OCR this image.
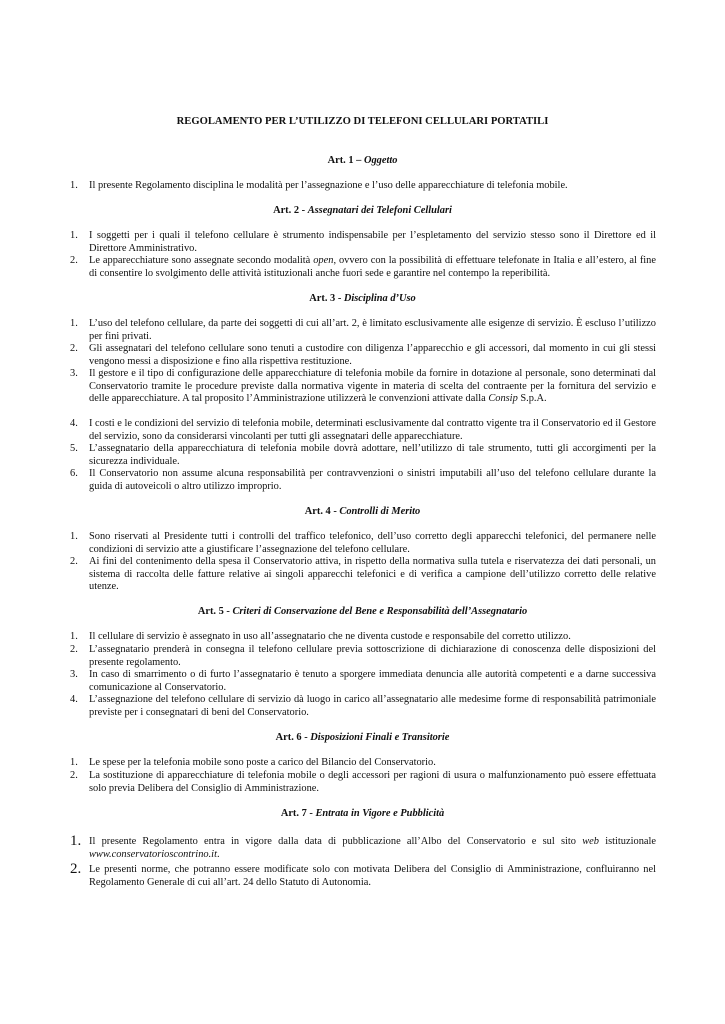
REGOLAMENTO PER L’UTILIZZO DI TELEFONI CELLULARI PORTATILI
Art. 1 – Oggetto
1.	Il presente Regolamento disciplina le modalità per l’assegnazione e l’uso delle apparecchiature di telefonia mobile.
Art. 2 - Assegnatari dei Telefoni Cellulari
1.	I soggetti per i quali il telefono cellulare è strumento indispensabile per l’espletamento del servizio stesso sono il Direttore ed il Direttore Amministrativo.
2.	Le apparecchiature sono assegnate secondo modalità open, ovvero con la possibilità di effettuare telefonate in Italia e all’estero, al fine di consentire lo svolgimento delle attività istituzionali anche fuori sede e garantire nel contempo la reperibilità.
Art. 3 - Disciplina d’Uso
1.	L’uso del telefono cellulare, da parte dei soggetti di cui all’art. 2, è limitato esclusivamente alle esigenze di servizio. È escluso l’utilizzo per fini privati.
2.	Gli assegnatari del telefono cellulare sono tenuti a custodire con diligenza l’apparecchio e gli accessori, dal momento in cui gli stessi vengono messi a disposizione e fino alla rispettiva restituzione.
3.	Il gestore e il tipo di configurazione delle apparecchiature di telefonia mobile da fornire in dotazione al personale, sono determinati dal Conservatorio tramite le procedure previste dalla normativa vigente in materia di scelta del contraente per la fornitura del servizio e delle apparecchiature. A tal proposito l’Amministrazione utilizzerà le convenzioni attivate dalla Consip S.p.A.
4.	I costi e le condizioni del servizio di telefonia mobile, determinati esclusivamente dal contratto vigente tra il Conservatorio ed il Gestore del servizio, sono da considerarsi vincolanti per tutti gli assegnatari delle apparecchiature.
5.	L’assegnatario della apparecchiatura di telefonia mobile dovrà adottare, nell’utilizzo di tale strumento, tutti gli accorgimenti per la sicurezza individuale.
6.	Il Conservatorio non assume alcuna responsabilità per contravvenzioni o sinistri imputabili all’uso del telefono cellulare durante la guida di autoveicoli o altro utilizzo improprio.
Art. 4 - Controlli di Merito
1.	Sono riservati al Presidente tutti i controlli del traffico telefonico, dell’uso corretto degli apparecchi telefonici, del permanere nelle condizioni di servizio atte a giustificare l’assegnazione del telefono cellulare.
2.	Ai fini del contenimento della spesa il Conservatorio attiva, in rispetto della normativa sulla tutela e riservatezza dei dati personali, un sistema di raccolta delle fatture relative ai singoli apparecchi telefonici e di verifica a campione dell’utilizzo corretto delle relative utenze.
Art. 5 - Criteri di Conservazione del Bene e Responsabilità dell’Assegnatario
1.	Il cellulare di servizio è assegnato in uso all’assegnatario che ne diventa custode e responsabile del corretto utilizzo.
2.	L’assegnatario prenderà in consegna il telefono cellulare previa sottoscrizione di dichiarazione di conoscenza delle disposizioni del presente regolamento.
3.	In caso di smarrimento o di furto l’assegnatario è tenuto a sporgere immediata denuncia alle autorità competenti e a darne successiva comunicazione al Conservatorio.
4.	L’assegnazione del telefono cellulare di servizio dà luogo in carico all’assegnatario alle medesime forme di responsabilità patrimoniale previste per i consegnatari di beni del Conservatorio.
Art. 6 - Disposizioni Finali e Transitorie
1.	Le spese per la telefonia mobile sono poste a carico del Bilancio del Conservatorio.
2.	La sostituzione di apparecchiature di telefonia mobile o degli accessori per ragioni di usura o malfunzionamento può essere effettuata solo previa Delibera del Consiglio di Amministrazione.
Art. 7 - Entrata in Vigore e Pubblicità
1. Il presente Regolamento entra in vigore dalla data di pubblicazione all’Albo del Conservatorio e sul sito web istituzionale www.conservatorioscontrino.it.
2. Le presenti norme, che potranno essere modificate solo con motivata Delibera del Consiglio di Amministrazione, confluiranno nel Regolamento Generale di cui all’art. 24 dello Statuto di Autonomia.
